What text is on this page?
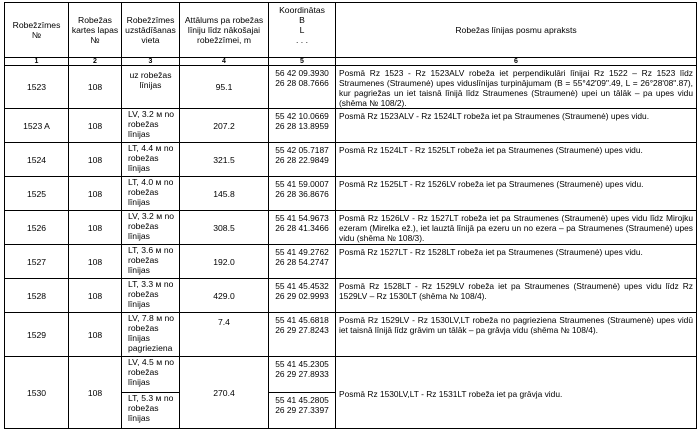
Robežzīmes №	Robežas kartes lapas №	Robežzīmes uzstādīšanas vieta	Attālums pa robežas līniju līdz nākošajai robežzīmei, m	Koordinātas
B
L
. . .	Robežas līnijas posmu apraksts
1	2	3	4	5	6
1523	108	uz robežas līnijas	95.1	56 42 09.3930
26 28 08.7666	Posmā Rz 1523 - Rz 1523ALV robeža iet perpendikulāri līnijai Rz 1522 – Rz 1523 līdz Straumenes (Straumenė) upes viduslīnijas turpinājumam (B = 55°42'09".49, L = 26°28'08".87), kur pagriežas un iet taisnā līnijā līdz Straumenes (Straumenė) upei un tālāk – pa upes vidu (shēma № 108/2).
1523 A	108	LV, 3.2 м no robežas līnijas	207.2	55 42 10.0669
26 28 13.8959	Posmā Rz 1523ALV - Rz 1524LT robeža iet pa Straumenes (Straumenė) upes vidu.
1524	108	LT, 4.4 м no robežas līnijas	321.5	55 42 05.7187
26 28 22.9849	Posmā Rz 1524LT - Rz 1525LT robeža iet pa Straumenes (Straumenė) upes vidu.
1525	108	LT, 4.0 м no robežas līnijas	145.8	55 41 59.0007
26 28 36.8676	Posmā Rz 1525LT - Rz 1526LV robeža iet pa Straumenes (Straumenė) upes vidu.
1526	108	LV, 3.2 м no robežas līnijas	308.5	55 41 54.9673
26 28 41.3466	Posmā Rz 1526LV - Rz 1527LT robeža iet pa Straumenes (Straumenė) upes vidu līdz Mirojku ezeram (Mirelka ež.), iet lauztā līnijā pa ezeru un no ezera – pa Straumenes (Straumenė) upes vidu (shēma № 108/3).
1527	108	LT, 3.6 м no robežas līnijas	192.0	55 41 49.2762
26 28 54.2747	Posmā Rz 1527LT - Rz 1528LT robeža iet pa Straumenes (Straumenė) upes vidu.
1528	108	LT, 3.3 м no robežas līnijas	429.0	55 41 45.4532
26 29 02.9993	Posmā Rz 1528LT - Rz 1529LV robeža iet pa Straumenes (Straumenė) upes vidu līdz Rz 1529LV – Rz 1530LT (shēma № 108/4).
1529	108	LV, 7.8 м no robežas līnijas pagrieziena	7.4	55 41 45.6818
26 29 27.8243	Posmā Rz 1529LV - Rz 1530LV,LT robeža no pagrieziena Straumenes (Straumenė) upes vidū iet taisnā līnijā līdz grāvim un tālāk – pa grāvja vidu (shēma № 108/4).
1530	108	LV, 4.5 м no robežas līnijas	270.4	55 41 45.2305
26 29 27.8933	Posmā Rz 1530LV,LT - Rz 1531LT robeža iet pa grāvja vidu.
		LT, 5.3 м no robežas līnijas		55 41 45.2805
26 29 27.3397	
